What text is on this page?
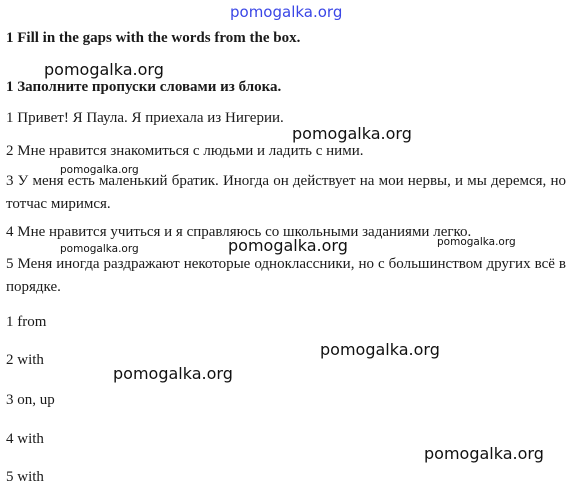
pomogalka.org
pomogalka.org
pomogalka.org
pomogalka.org
pomogalka.org	pomogalka.org	pomogalka.org
pomogalka.org
pomogalka.org
pomogalka.org
1 Fill in the gaps with the words from the box.
1 Заполните пропуски словами из блока.
1 Привет! Я Паула. Я приехала из Нигерии.
2 Мне нравится знакомиться с людьми и ладить с ними.
3 У меня есть маленький братик. Иногда он действует на мои нервы, и мы деремся, но тотчас миримся.
4 Мне нравится учиться и я справляюсь со школьными заданиями легко.
5 Меня иногда раздражают некоторые одноклассники, но с большинством других всё в порядке.
1 from
2 with
3 on, up
4 with
5 with
